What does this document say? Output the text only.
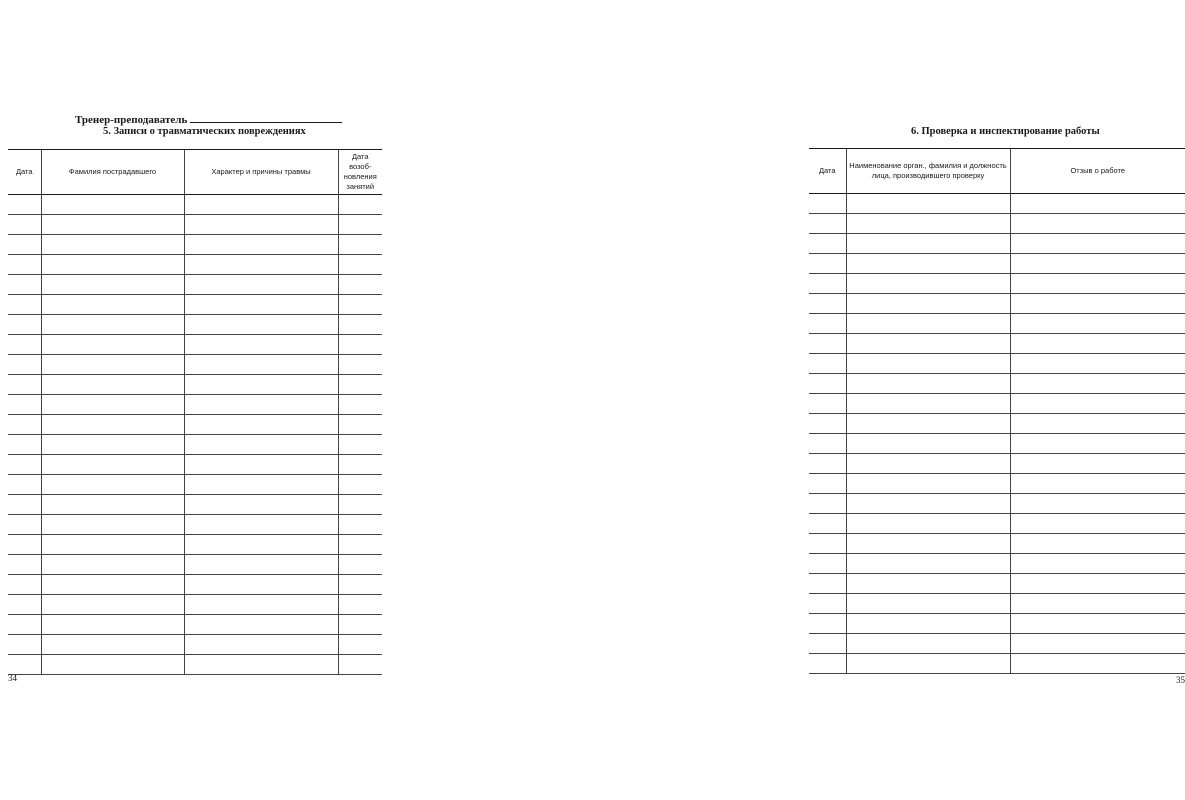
Тренер-преподаватель
5. Записи о травматических повреждениях
Дата	Фамилия пострадавшего	Характер и причины травмы	Дата возоб-новления занятий

34
6. Проверка и инспектирование работы
Дата	Наименование орган., фамилия и должность лица, производившего проверку	Отзыв о работе

35
